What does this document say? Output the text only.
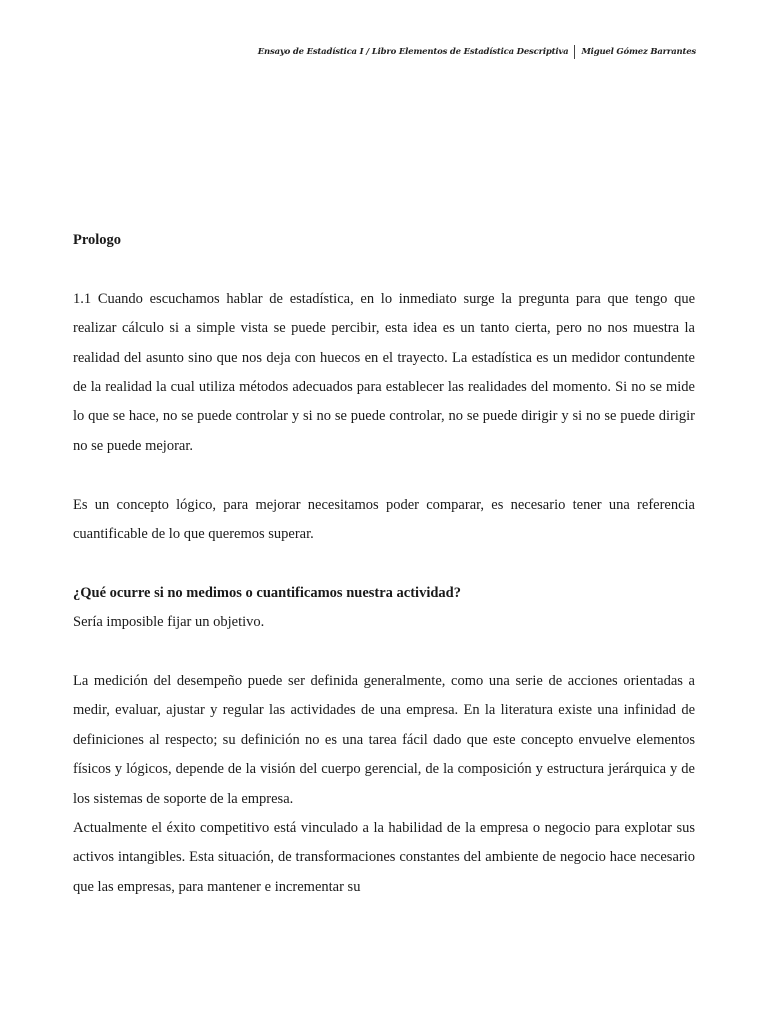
Ensayo de Estadística I / Libro Elementos de Estadística Descriptiva Miguel Gómez Barrantes

Prologo

1.1 Cuando escuchamos hablar de estadística, en lo inmediato surge la pregunta para que tengo que realizar cálculo si a simple vista se puede percibir, esta idea es un tanto cierta, pero no nos muestra la realidad del asunto sino que nos deja con huecos en el trayecto. La estadística es un medidor contundente de la realidad la cual utiliza métodos adecuados para establecer las realidades del momento. Si no se mide lo que se hace, no se puede controlar y si no se puede controlar, no se puede dirigir y si no se puede dirigir no se puede mejorar.

Es un concepto lógico, para mejorar necesitamos poder comparar, es necesario tener una referencia cuantificable de lo que queremos superar.

¿Qué ocurre si no medimos o cuantificamos nuestra actividad?

Sería imposible fijar un objetivo.

La medición del desempeño puede ser definida generalmente, como una serie de acciones orientadas a medir, evaluar, ajustar y regular las actividades de una empresa. En la literatura existe una infinidad de definiciones al respecto; su definición no es una tarea fácil dado que este concepto envuelve elementos físicos y lógicos, depende de la visión del cuerpo gerencial, de la composición y estructura jerárquica y de los sistemas de soporte de la empresa.

Actualmente el éxito competitivo está vinculado a la habilidad de la empresa o negocio para explotar sus activos intangibles. Esta situación, de transformaciones constantes del ambiente de negocio hace necesario que las empresas, para mantener e incrementar su
